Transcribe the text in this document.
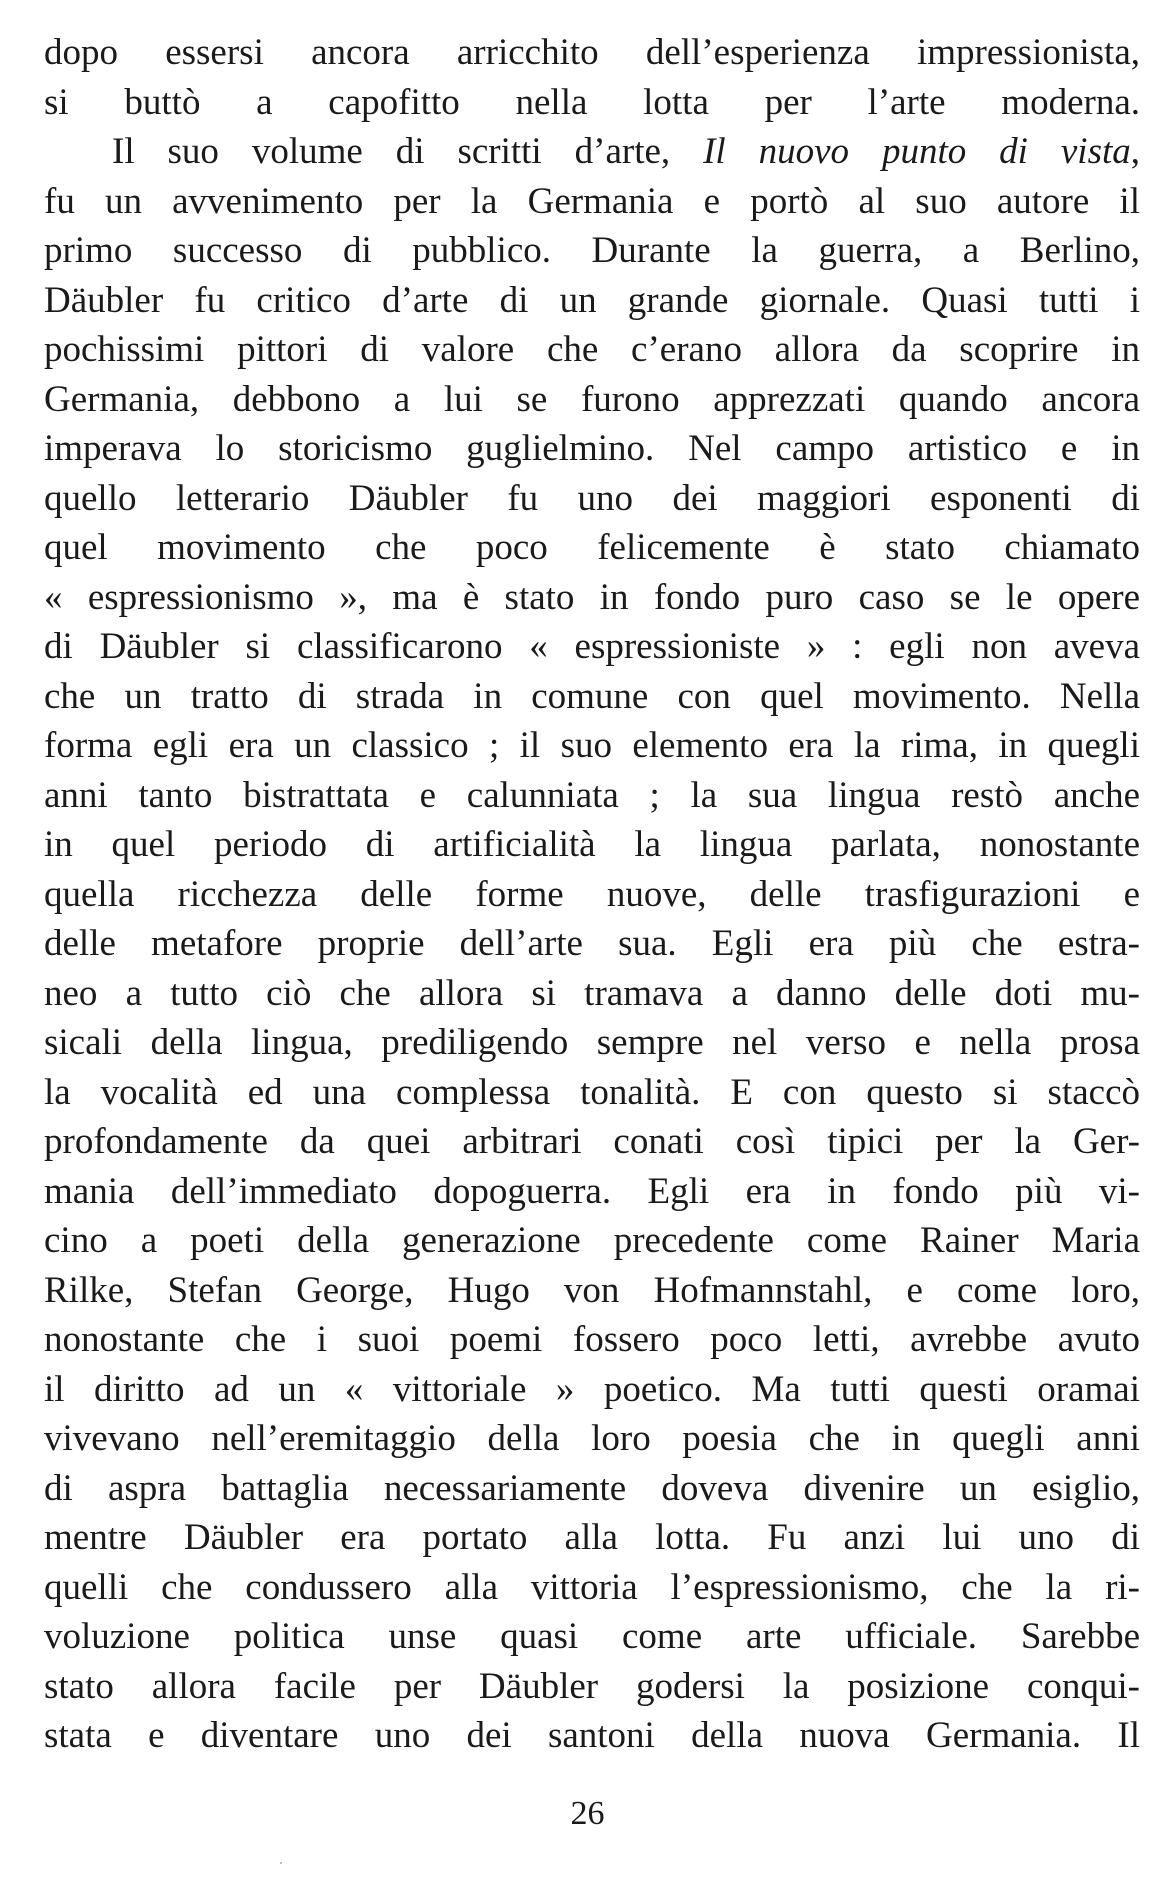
dopo essersi ancora arricchito dell’esperienza impressionista,
si buttò a capofitto nella lotta per l’arte moderna.
Il suo volume di scritti d’arte, Il nuovo punto di vista,
fu un avvenimento per la Germania e portò al suo autore il
primo successo di pubblico. Durante la guerra, a Berlino,
Däubler fu critico d’arte di un grande giornale. Quasi tutti i
pochissimi pittori di valore che c’erano allora da scoprire in
Germania, debbono a lui se furono apprezzati quando ancora
imperava lo storicismo guglielmino. Nel campo artistico e in
quello letterario Däubler fu uno dei maggiori esponenti di
quel movimento che poco felicemente è stato chiamato
« espressionismo », ma è stato in fondo puro caso se le opere
di Däubler si classificarono « espressioniste » : egli non aveva
che un tratto di strada in comune con quel movimento. Nella
forma egli era un classico ; il suo elemento era la rima, in quegli
anni tanto bistrattata e calunniata ; la sua lingua restò anche
in quel periodo di artificialità la lingua parlata, nonostante
quella ricchezza delle forme nuove, delle trasfigurazioni e
delle metafore proprie dell’arte sua. Egli era più che estra-
neo a tutto ciò che allora si tramava a danno delle doti mu-
sicali della lingua, prediligendo sempre nel verso e nella prosa
la vocalità ed una complessa tonalità. E con questo si staccò
profondamente da quei arbitrari conati così tipici per la Ger-
mania dell’immediato dopoguerra. Egli era in fondo più vi-
cino a poeti della generazione precedente come Rainer Maria
Rilke, Stefan George, Hugo von Hofmannstahl, e come loro,
nonostante che i suoi poemi fossero poco letti, avrebbe avuto
il diritto ad un « vittoriale » poetico. Ma tutti questi oramai
vivevano nell’eremitaggio della loro poesia che in quegli anni
di aspra battaglia necessariamente doveva divenire un esiglio,
mentre Däubler era portato alla lotta. Fu anzi lui uno di
quelli che condussero alla vittoria l’espressionismo, che la ri-
voluzione politica unse quasi come arte ufficiale. Sarebbe
stato allora facile per Däubler godersi la posizione conqui-
stata e diventare uno dei santoni della nuova Germania. Il
26
